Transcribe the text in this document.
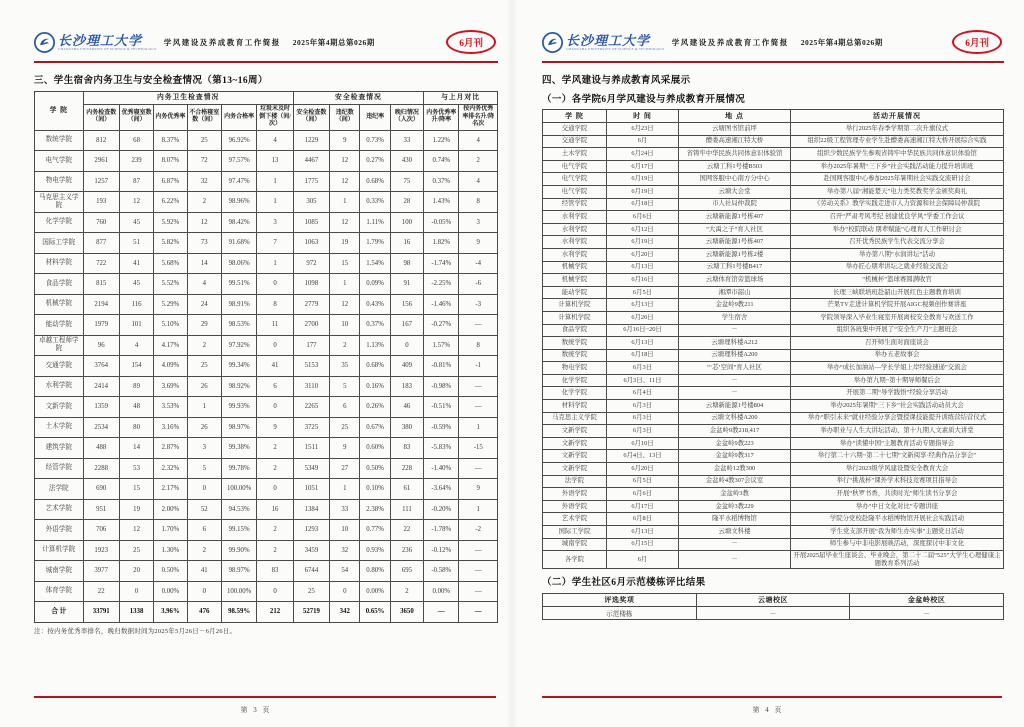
长沙理工大学
CHANGSHA UNIVERSITY OF SCIENCE & TECHNOLOGY
学风建设及养成教育工作简报 2025年第4期总第026期	6月刊
三、学生宿舍内务卫生与安全检查情况（第13~16周）
学 院	内务卫生检查情况						安全检查情况				与上月对比	
	内务检查数（间）	优秀寝室数（间）	内务优秀率	不合格寝室数（间）	内务合格率	垃圾未及时倒下楼（间/次）	安全检查数（间）	违纪数（间）	违纪率	晚归情况（人次）	内务优秀率升/降率	按内务优秀率排名升/降名次
数统学院	812	68	8.37%	25	96.92%	4	1229	9	0.73%	33	1.22%	4
电气学院	2961	239	8.07%	72	97.57%	13	4467	12	0.27%	430	0.74%	2
物电学院	1257	87	6.87%	32	97.47%	1	1775	12	0.68%	75	0.37%	4
马克思主义学院	193	12	6.22%	2	98.96%	1	305	1	0.33%	28	1.43%	8
化学学院	760	45	5.92%	12	98.42%	3	1085	12	1.11%	100	-0.05%	3
国际工学院	877	51	5.82%	73	91.68%	7	1063	19	1.79%	16	1.82%	9
材料学院	722	41	5.68%	14	98.06%	1	972	15	1.54%	98	-1.74%	-4
食品学院	815	45	5.52%	4	99.51%	0	1098	1	0.09%	91	-2.25%	-6
机械学院	2194	116	5.29%	24	98.91%	8	2779	12	0.43%	156	-1.46%	-3
能动学院	1979	101	5.10%	29	98.53%	11	2700	10	0.37%	167	-0.27%	—
卓越工程师学院	96	4	4.17%	2	97.92%	0	177	2	1.13%	0	1.57%	8
交通学院	3764	154	4.09%	25	99.34%	41	5153	35	0.68%	409	-0.81%	-1
水利学院	2414	89	3.69%	26	98.92%	6	3110	5	0.16%	183	-0.98%	—
文新学院	1359	48	3.53%	1	99.93%	0	2265	6	0.26%	46	-0.51%	—
土木学院	2534	80	3.16%	26	98.97%	9	3725	25	0.67%	380	-0.59%	1
建筑学院	488	14	2.87%	3	99.38%	2	1511	9	0.60%	83	-5.83%	-15
经管学院	2288	53	2.32%	5	99.78%	2	5349	27	0.50%	228	-1.40%	—
法学院	690	15	2.17%	0	100.00%	0	1051	1	0.10%	61	-3.64%	9
艺术学院	951	19	2.00%	52	94.53%	16	1384	33	2.38%	111	-0.20%	1
外语学院	706	12	1.70%	6	99.15%	2	1293	10	0.77%	22	-1.78%	-2
计算机学院	1923	25	1.30%	2	99.90%	2	3459	32	0.93%	236	-0.12%	—
城南学院	3977	20	0.50%	41	98.97%	83	6744	54	0.80%	695	-0.58%	—
体育学院	22	0	0.00%	0	100.00%	0	25	0	0.00%	2	0.00%	—
合 计	33791	1338	3.96%	476	98.59%	212	52719	342	0.65%	3650	—	—
注：按内务优秀率排名，晚归数据时间为2025年5月26日－6月26日。
第 3 页
长沙理工大学
CHANGSHA UNIVERSITY OF SCIENCE & TECHNOLOGY
学风建设及养成教育工作简报 2025年第4期总第026期	6月刊
四、学风建设与养成教育风采展示
（一）各学院6月学风建设与养成教育开展情况
学 院	时 间	地 点	活动开展情况
交通学院	6月23日	云塘图书馆前坪	举行2025年春季学期第二次升旗仪式
交通学院	6月	醴娄高速湘江特大桥	组织22级工程管理专业学生赴醴娄高速湘江特大桥开展综合实践
土木学院	6月24日	省铸牢中华民族共同体意识体验馆	组织少数民族学生参观省铸牢中华民族共同体意识体验馆
电气学院	6月17日	云塘工科1号楼B503	举办2025年暑期“三下乡”社会实践活动能力提升培训班
电气学院	6月19日	国网客服中心南方分中心	赴国网客服中心参加2025年暑期社会实践交流研讨会
电气学院	6月19日	云塘大会堂	举办第八届“湘能楚天”电力类奖教奖学金颁奖典礼
经管学院	6月18日	市人社局仲裁院	《劳动关系》教学实践走进市人力资源和社会保障局仲裁院
水利学院	6月6日	云塘新能源1号栋407	召开“严肃考风考纪 创建优良学风”学委工作会议
水利学院	6月12日	“大禹之子”育人社区	举办“校院联动 朋辈赋能”心理育人工作研讨会
水利学院	6月19日	云塘新能源1号栋407	召开优秀民族学生代表交流分享会
水利学院	6月20日	云塘新能源1号栋2楼	举办第八期“水润讲坛”活动
机械学院	6月13日	云塘工科1号楼B417	举办匠心朋辈讲坛之就业经验交流会
机械学院	6月16日	云塘体育馆旁篮球场	“机械杯”篮球赛圆满收官
能动学院	6月5日	湘潭市韶山	长理三峡联培班赴韶山开展红色主题教育培训
计算机学院	6月13日	金盆岭9教211	芒果TV走进计算机学院开展AIGC视频创作赛讲座
计算机学院	6月20日	学生宿舍	学院领导深入毕业生寝室开展离校安全教育与欢送工作
食品学院	6月16日~20日	－	组织各班集中开展了“安全生产月”主题班会
数统学院	6月13日	云塘理科楼A212	召开师生面对面座谈会
数统学院	6月18日	云塘理科楼A200	举办五老故事会
物电学院	6月3日	“‘芯’空间”育人社区	举办“成长加油站—学长学姐上岸经验速递”交流会
化学学院	6月3日、11日	－	举办第九期~第十期导师餐后会
化学学院	6月4日	－	开展第二期“导学践悟”经验分享活动
材料学院	6月3日	云塘新能源1号楼804	举办2025年暑期“三下乡”社会实践活动动员大会
马克思主义学院	6月3日	云塘文科楼A200	举办“职引未来”就业经验分享会暨授课技能提升训练营结营仪式
文新学院	6月3日	金盆岭9教218,417	举办职业与人生大讲坛活动、第十九期人文素质大讲堂
文新学院	6月10日	金盆岭9教223	举办“读懂中国”主题教育活动专题指导会
文新学院	6月4日、13日	金盆岭9教317	举行第二十六期~第二十七期“文新阅享·经典作品分享会”
文新学院	6月20日	金盆岭12教300	举行2023级学风建设暨安全教育大会
法学院	6月5日	金盆岭4教307会议室	举行“挑战杯”课外学术科技竞赛项目指导会
外语学院	6月6日	金盆岭3教	开展“秋罗书香，共读时光”师生读书分享会
外语学院	6月17日	金盆岭3教229	举办“中日文化对比”专题讲座
艺术学院	6月8日	隆平水稻博物馆	学院分党校赴隆平水稻博物馆开展社会实践活动
国际工学院	6月13日	云塘文科楼	学生党支部开展“我为师生办实事”主题党日活动
城南学院	6月15日	－	师生参与中非电影展映活动，深度探讨中非文化
各学院	6月	－	开展2025届毕业生座谈会、毕业晚会，第二十二届“525”大学生心理健康主题教育系列活动
（二）学生社区6月示范楼栋评比结果
评选奖项	云塘校区	金盆岭校区
示范楼栋	－	－
第 4 页
